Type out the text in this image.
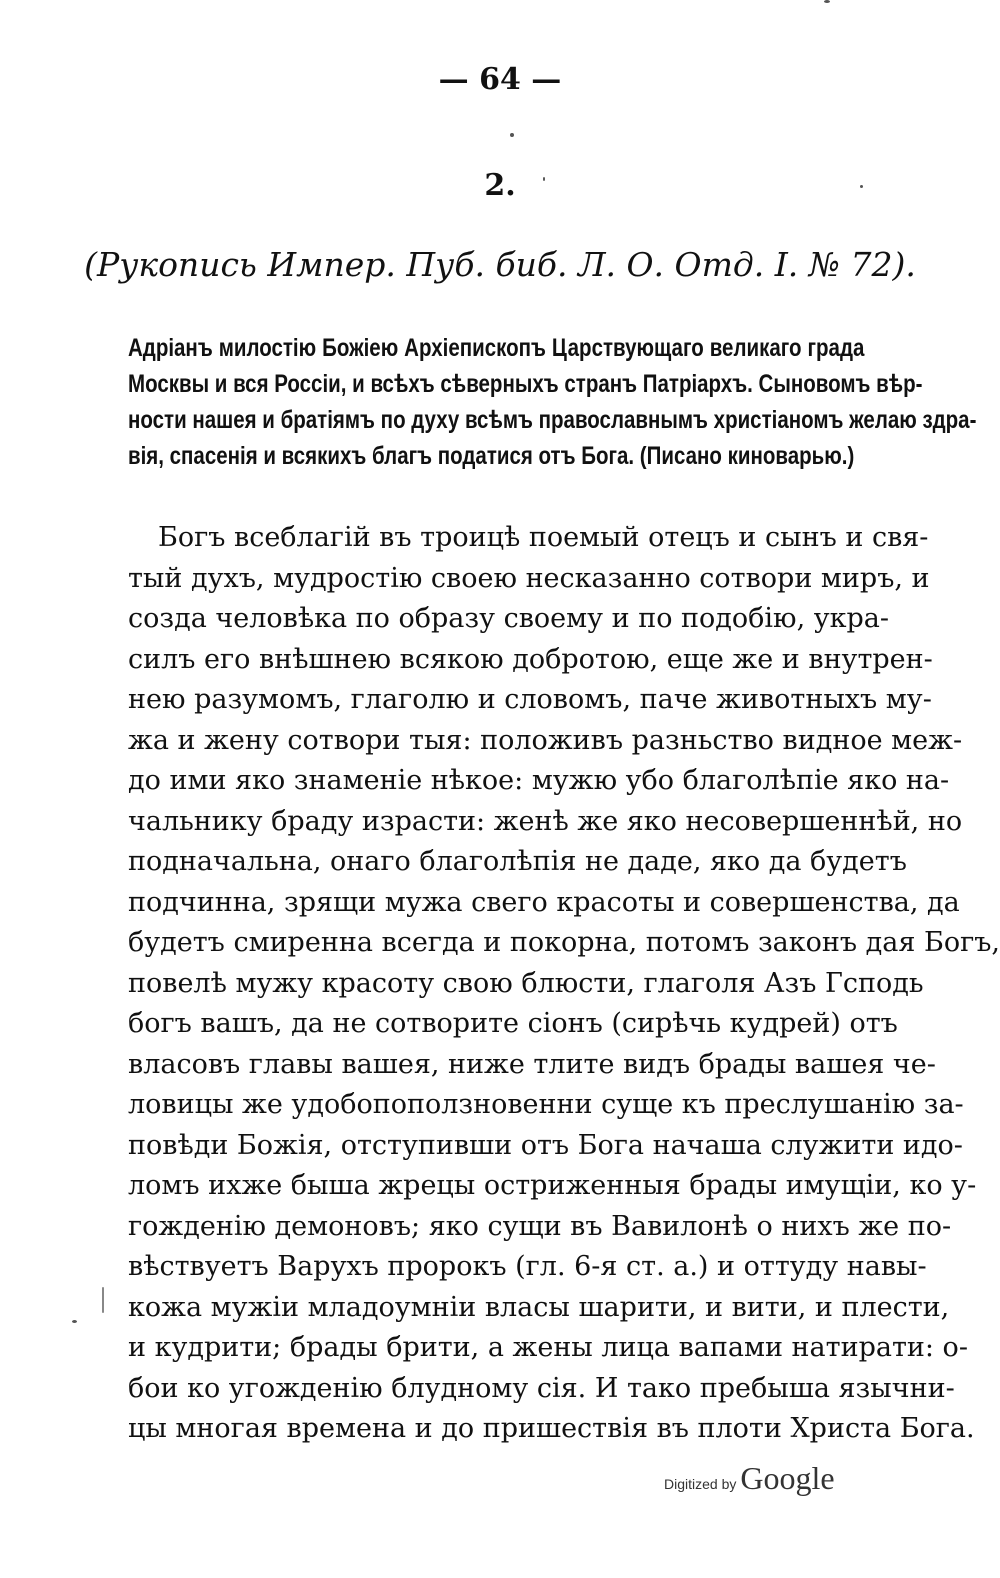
— 64 —
2.
(Рукопись Импер. Пуб. биб. Л. О. Отд. I. № 72).
Адріанъ милостію Божіею Архіепископъ Царствующаго великаго града
Москвы и вся Россіи, и всѣхъ сѣверныхъ странъ Патріархъ. Сыновомъ вѣр-
ности нашея и братіямъ по духу всѣмъ православнымъ христіаномъ желаю здра-
вія, спасенія и всякихъ благъ податися отъ Бога. (Писано киноварью.)
Богъ всеблагій въ троицѣ поемый отецъ и сынъ и свя-
тый духъ, мудростію своею несказанно сотвори миръ, и
созда человѣка по образу своему и по подобію, укра-
силъ его внѣшнею всякою добротою, еще же и внутрен-
нею разумомъ, глаголю и словомъ, паче животныхъ му-
жа и жену сотвори тыя: положивъ разньство видное меж-
до ими яко знаменіе нѣкое: мужю убо благолѣпіе яко на-
чальнику браду израсти: женѣ же яко несовершеннѣй, но
подначальна, онаго благолѣпія не даде, яко да будетъ
подчинна, зрящи мужа свего красоты и совершенства, да
будетъ смиренна всегда и покорна, потомъ законъ дая Богъ,
повелѣ мужу красоту свою блюсти, глаголя Азъ Гсподь
богъ вашъ, да не сотворите сіонъ (сирѣчь кудрей) отъ
власовъ главы вашея, ниже тлите видъ брады вашея че-
ловицы же удобопоползновенни суще къ преслушанію за-
повѣди Божія, отступивши отъ Бога начаша служити идо-
ломъ ихже быша жрецы остриженныя брады имущіи, ко у-
гожденію демоновъ; яко сущи въ Вавилонѣ о нихъ же по-
вѣствуетъ Варухъ пророкъ (гл. 6-я ст. а.) и оттуду навы-
кожа мужіи младоумніи власы шарити, и вити, и плести,
и кудрити; брады брити, а жены лица вапами натирати: о-
бои ко угожденію блудному сія. И тако пребыша язычни-
цы многая времена и до пришествія въ плоти Христа Бога.
Digitized by Google
